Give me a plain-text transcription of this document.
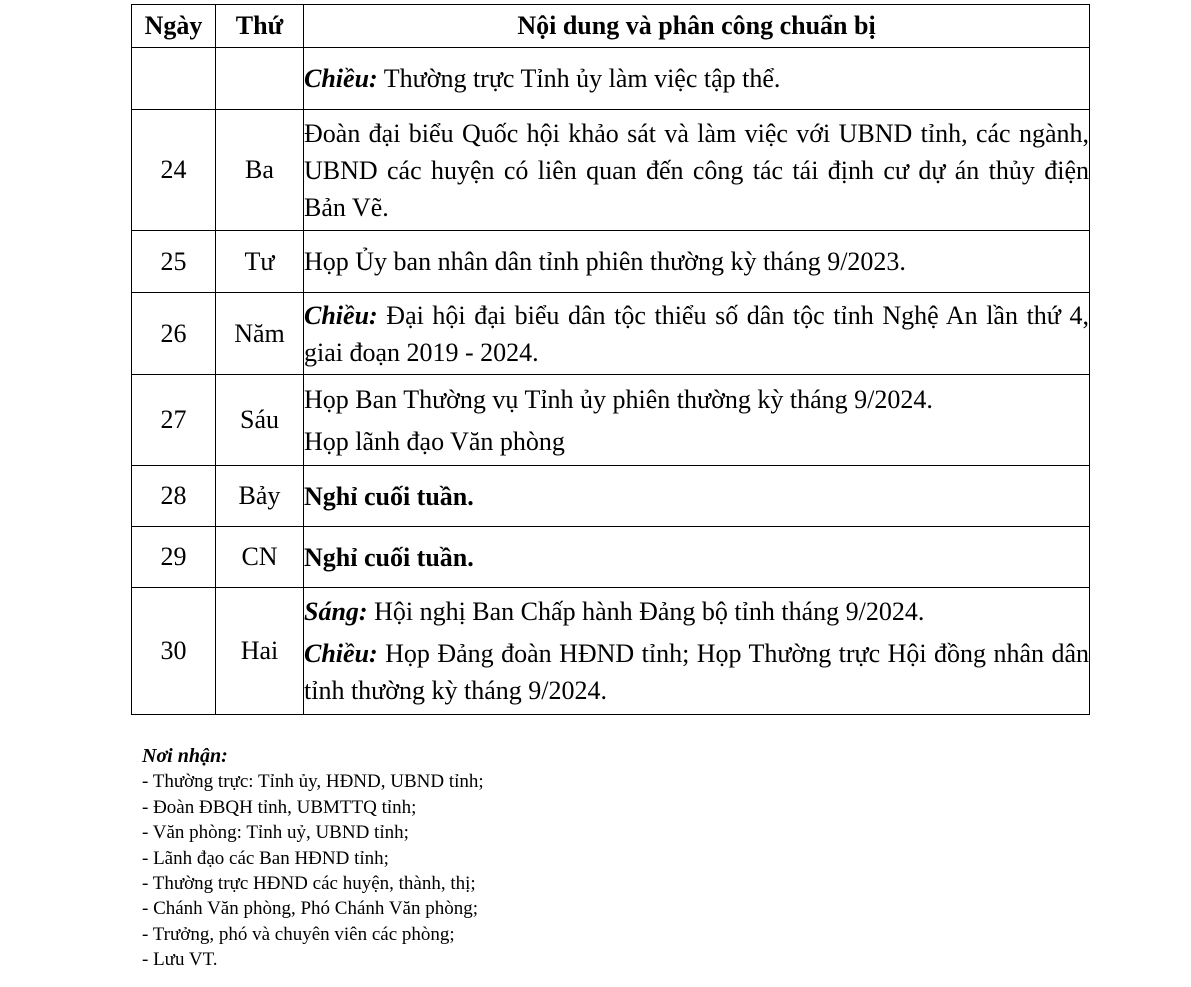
Ngày	Thứ	Nội dung và phân công chuẩn bị
		Chiều: Thường trực Tỉnh ủy làm việc tập thể.
24	Ba	Đoàn đại biểu Quốc hội khảo sát và làm việc với UBND tỉnh, các ngành, UBND các huyện có liên quan đến công tác tái định cư dự án thủy điện Bản Vẽ.
25	Tư	Họp Ủy ban nhân dân tỉnh phiên thường kỳ tháng 9/2023.
26	Năm	Chiều: Đại hội đại biểu dân tộc thiểu số dân tộc tỉnh Nghệ An lần thứ 4, giai đoạn 2019 - 2024.
27	Sáu	Họp Ban Thường vụ Tỉnh ủy phiên thường kỳ tháng 9/2024.
Họp lãnh đạo Văn phòng

28	Bảy	Nghỉ cuối tuần.
29	CN	Nghỉ cuối tuần.
30	Hai	Sáng: Hội nghị Ban Chấp hành Đảng bộ tỉnh tháng 9/2024.
Chiều: Họp Đảng đoàn HĐND tỉnh; Họp Thường trực Hội đồng nhân dân tỉnh thường kỳ tháng 9/2024.
Nơi nhận:
- Thường trực: Tỉnh ủy, HĐND, UBND tỉnh;
- Đoàn ĐBQH tỉnh, UBMTTQ tỉnh;
- Văn phòng: Tỉnh uỷ, UBND tỉnh;
- Lãnh đạo các Ban HĐND tỉnh;
- Thường trực HĐND các huyện, thành, thị;
- Chánh Văn phòng, Phó Chánh Văn phòng;
- Trưởng, phó và chuyên viên các phòng;
- Lưu VT.
